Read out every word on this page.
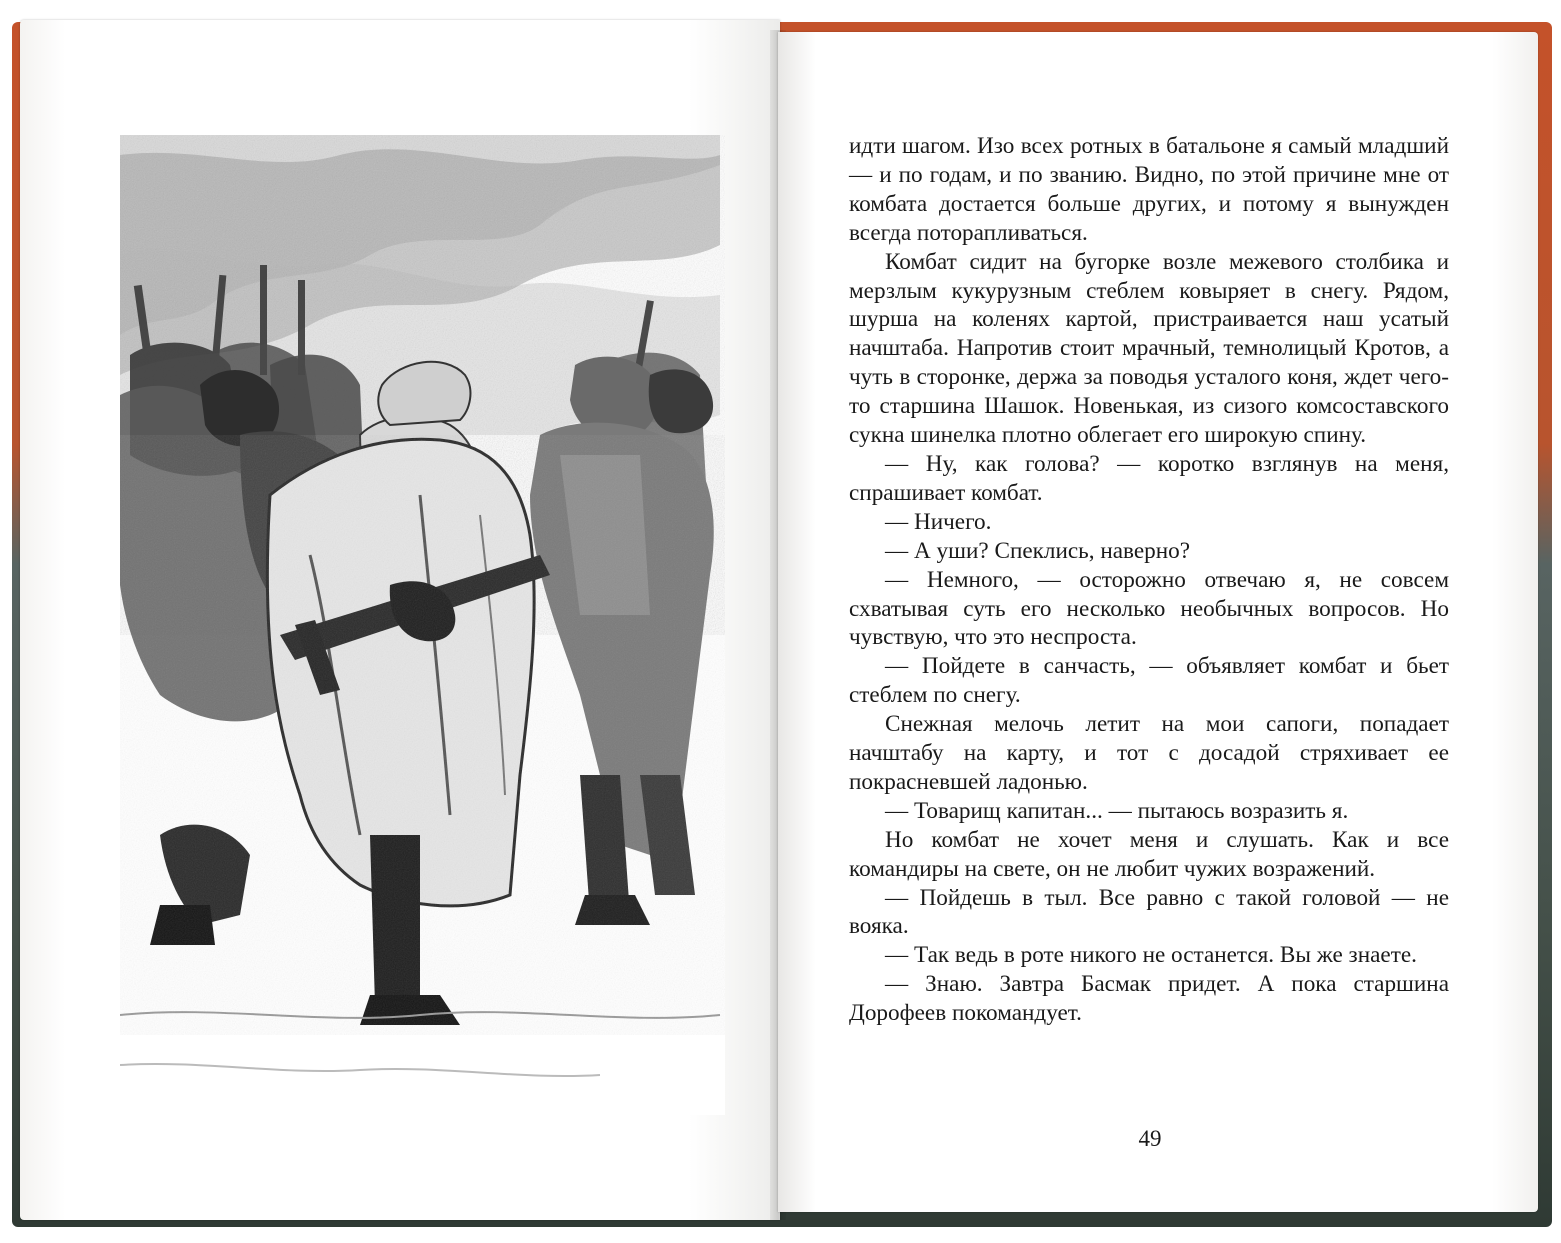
идти шагом. Изо всех ротных в батальоне я самый младший — и по годам, и по званию. Видно, по этой причине мне от комбата достается больше других, и потому я вынужден всегда поторапливаться.

Комбат сидит на бугорке возле межевого столбика и мерзлым кукурузным стеблем ковыряет в снегу. Рядом, шурша на коленях картой, пристраивается наш усатый начштаба. Напротив стоит мрачный, темнолицый Кротов, а чуть в сторонке, держа за поводья усталого коня, ждет чего-то старшина Шашок. Новенькая, из сизого комсоставского сукна шинелка плотно облегает его широкую спину.

— Ну, как голова? — коротко взглянув на меня, спрашивает комбат.

— Ничего.

— А уши? Спеклись, наверно?

— Немного, — осторожно отвечаю я, не совсем схватывая суть его несколько необычных вопросов. Но чувствую, что это неспроста.

— Пойдете в санчасть, — объявляет комбат и бьет стеблем по снегу.

Снежная мелочь летит на мои сапоги, попадает начштабу на карту, и тот с досадой стряхивает ее покрасневшей ладонью.

— Товарищ капитан... — пытаюсь возразить я.

Но комбат не хочет меня и слушать. Как и все командиры на свете, он не любит чужих возражений.

— Пойдешь в тыл. Все равно с такой головой — не вояка.

— Так ведь в роте никого не останется. Вы же знаете.

— Знаю. Завтра Басмак придет. А пока старшина Дорофеев покомандует.

49
